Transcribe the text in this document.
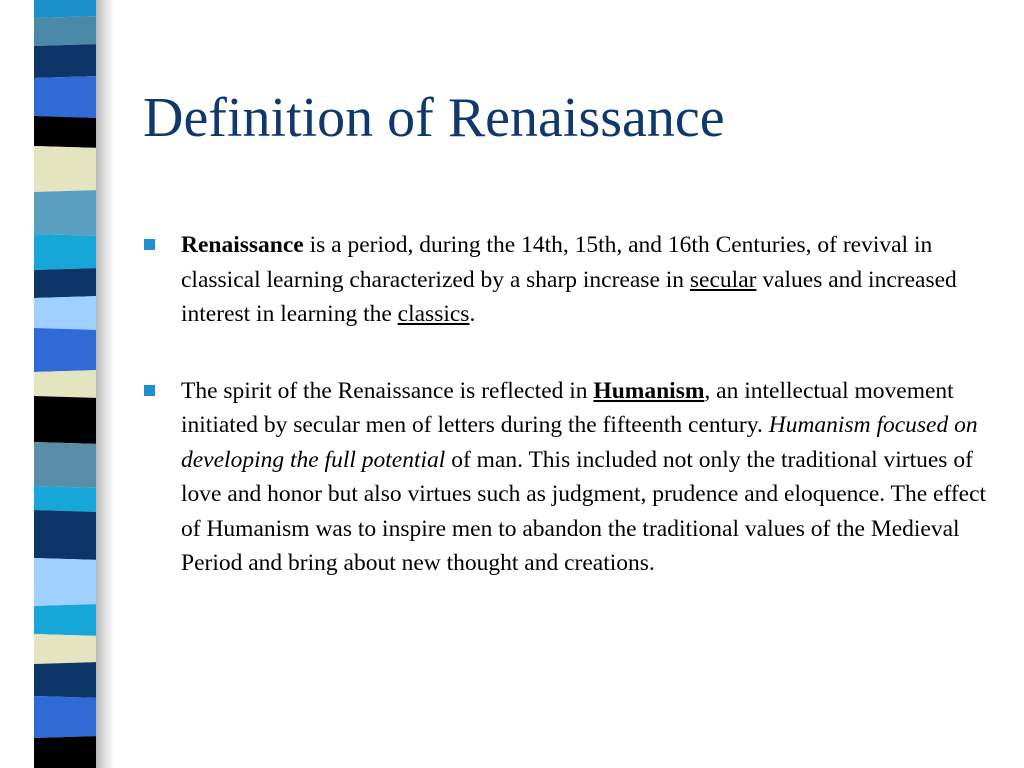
Definition of Renaissance
Renaissance is a period, during the 14th, 15th, and 16th Centuries, of revival in classical learning characterized by a sharp increase in secular values and increased interest in learning the classics.
The spirit of the Renaissance is reflected in Humanism, an intellectual movement initiated by secular men of letters during the fifteenth century. Humanism focused on developing the full potential of man. This included not only the traditional virtues of love and honor but also virtues such as judgment, prudence and eloquence. The effect of Humanism was to inspire men to abandon the traditional values of the Medieval Period and bring about new thought and creations.
